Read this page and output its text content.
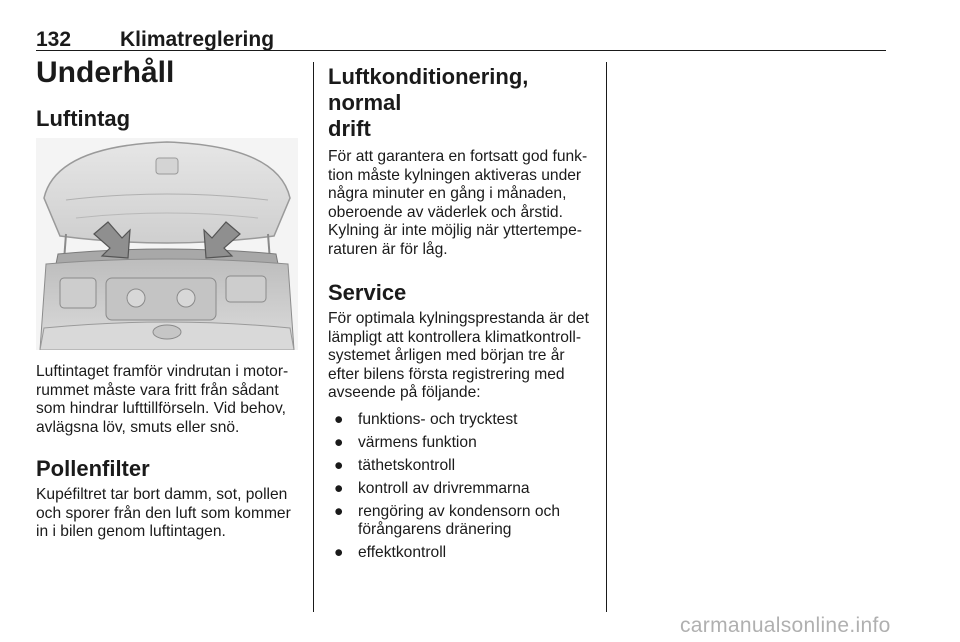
132 Klimatreglering
Underhåll
Luftintag

Luftintaget framför vindrutan i motor-

rummet måste vara fritt från sådant

som hindrar lufttillförseln. Vid behov,

avlägsna löv, smuts eller snö.

Pollenfilter

Kupéfiltret tar bort damm, sot, pollen

och sporer från den luft som kommer

in i bilen genom luftintagen.

Luftkonditionering, normal
drift

För att garantera en fortsatt god funk-

tion måste kylningen aktiveras under

några minuter en gång i månaden,

oberoende av väderlek och årstid.

Kylning är inte möjlig när yttertempe-

raturen är för låg.

Service

För optimala kylningsprestanda är det

lämpligt att kontrollera klimatkontroll-

systemet årligen med början tre år

efter bilens första registrering med

avseende på följande:

● funktions- och trycktest
● värmens funktion
● täthetskontroll
● kontroll av drivremmarna
● rengöring av kondensorn och
förångarens dränering
● effektkontroll
carmanualsonline.info
